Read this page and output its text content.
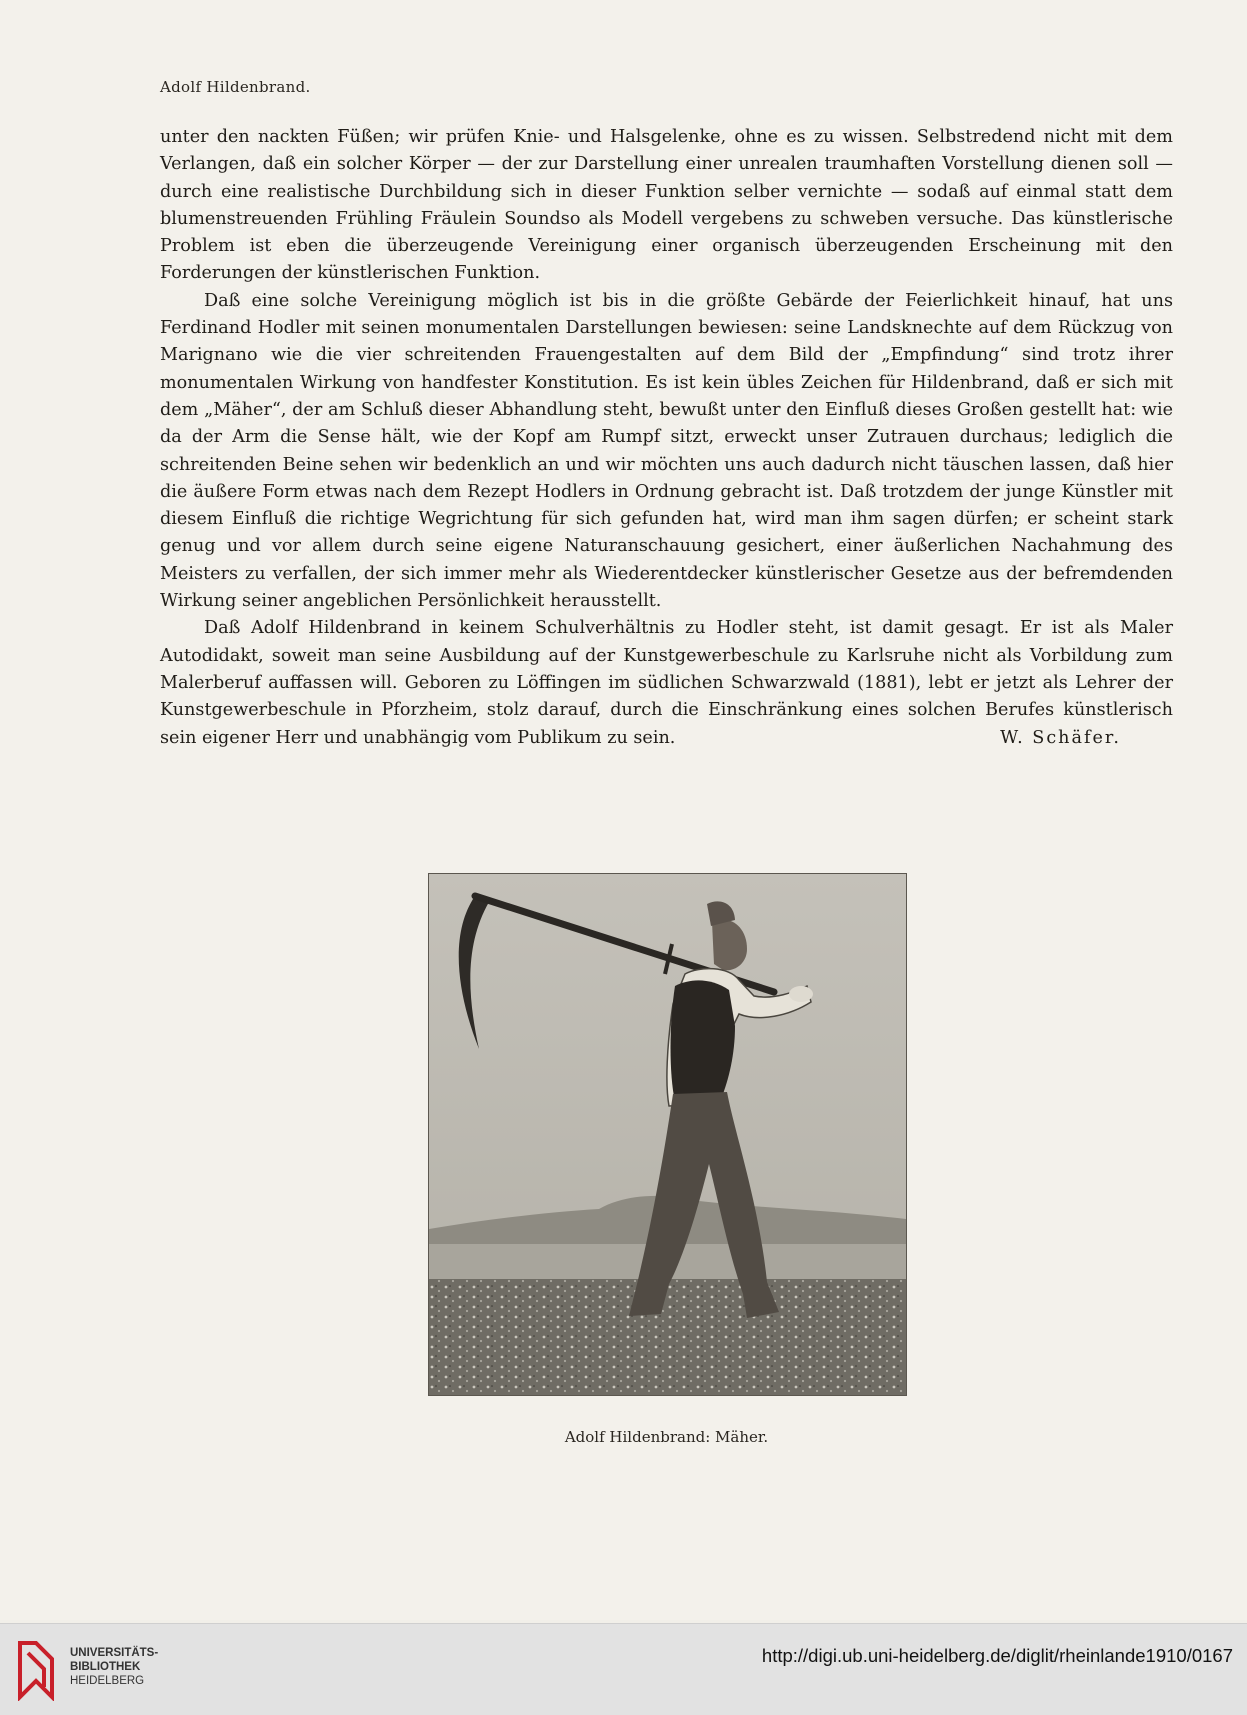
Adolf Hildenbrand.

unter den nackten Füßen; wir prüfen Knie- und Halsgelenke, ohne es zu wissen. Selbstredend nicht mit dem Verlangen, daß ein solcher Körper — der zur Darstellung einer unrealen traumhaften Vorstellung dienen soll — durch eine realistische Durchbildung sich in dieser Funktion selber vernichte — sodaß auf einmal statt dem blumenstreuenden Frühling Fräulein Soundso als Modell vergebens zu schweben versuche. Das künstlerische Problem ist eben die überzeugende Vereinigung einer organisch überzeugenden Erscheinung mit den Forderungen der künstlerischen Funktion.

Daß eine solche Vereinigung möglich ist bis in die größte Gebärde der Feierlichkeit hinauf, hat uns Ferdinand Hodler mit seinen monumentalen Darstellungen bewiesen: seine Landsknechte auf dem Rückzug von Marignano wie die vier schreitenden Frauengestalten auf dem Bild der „Empfindung“ sind trotz ihrer monumentalen Wirkung von handfester Konstitution. Es ist kein übles Zeichen für Hildenbrand, daß er sich mit dem „Mäher“, der am Schluß dieser Abhandlung steht, bewußt unter den Einfluß dieses Großen gestellt hat: wie da der Arm die Sense hält, wie der Kopf am Rumpf sitzt, erweckt unser Zutrauen durchaus; lediglich die schreitenden Beine sehen wir bedenklich an und wir möchten uns auch dadurch nicht täuschen lassen, daß hier die äußere Form etwas nach dem Rezept Hodlers in Ordnung gebracht ist. Daß trotzdem der junge Künstler mit diesem Einfluß die richtige Wegrichtung für sich gefunden hat, wird man ihm sagen dürfen; er scheint stark genug und vor allem durch seine eigene Naturanschauung gesichert, einer äußerlichen Nachahmung des Meisters zu verfallen, der sich immer mehr als Wiederentdecker künstlerischer Gesetze aus der befremdenden Wirkung seiner angeblichen Persönlichkeit herausstellt.

Daß Adolf Hildenbrand in keinem Schulverhältnis zu Hodler steht, ist damit gesagt. Er ist als Maler Autodidakt, soweit man seine Ausbildung auf der Kunstgewerbeschule zu Karlsruhe nicht als Vorbildung zum Malerberuf auffassen will. Geboren zu Löffingen im südlichen Schwarzwald (1881), lebt er jetzt als Lehrer der Kunstgewerbeschule in Pforzheim, stolz darauf, durch die Einschränkung eines solchen Berufes künstlerisch sein eigener Herr und unabhängig vom Publikum zu sein.	W. Schäfer.

Adolf Hildenbrand: Mäher.
UNIVERSITÄTS-
BIBLIOTHEK
HEIDELBERG
http://digi.ub.uni-heidelberg.de/diglit/rheinlande1910/0167
